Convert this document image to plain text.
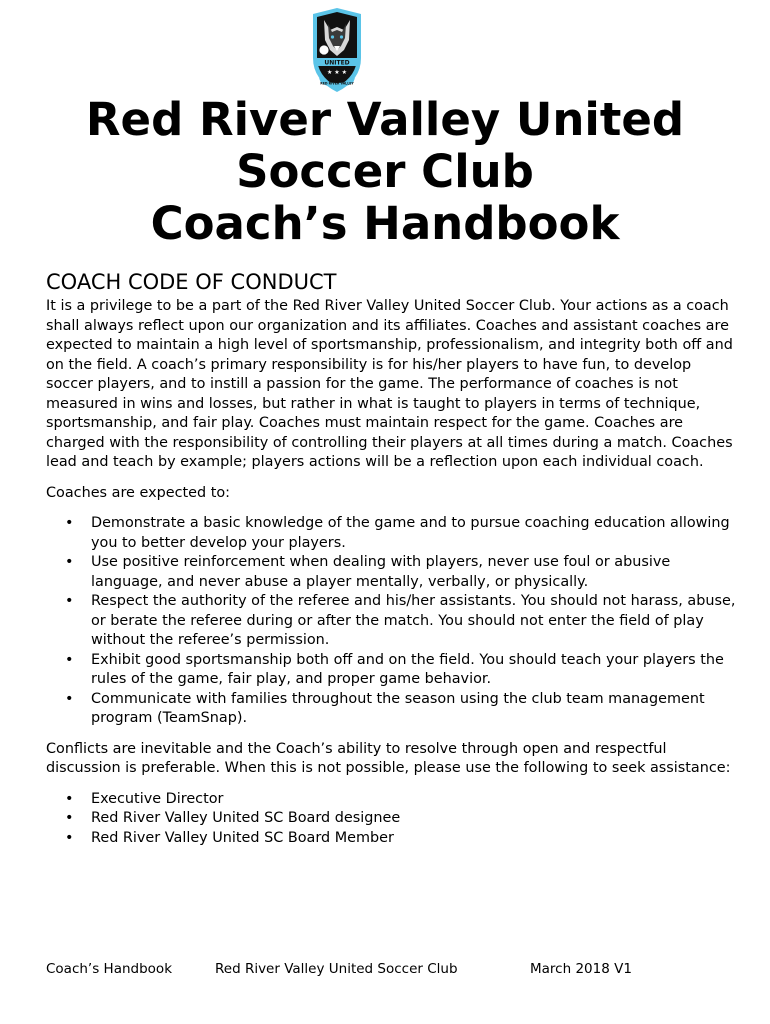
UNITED
★ ★ ★
RED RIVER VALLEY
Red River Valley United
Soccer Club
Coach’s Handbook
COACH CODE OF CONDUCT

It is a privilege to be a part of the Red River Valley United Soccer Club. Your actions as a coach shall always reflect upon our organization and its affiliates. Coaches and assistant coaches are expected to maintain a high level of sportsmanship, professionalism, and integrity both off and on the field. A coach’s primary responsibility is for his/her players to have fun, to develop soccer players, and to instill a passion for the game. The performance of coaches is not measured in wins and losses, but rather in what is taught to players in terms of technique, sportsmanship, and fair play. Coaches must maintain respect for the game. Coaches are charged with the responsibility of controlling their players at all times during a match. Coaches lead and teach by example; players actions will be a reflection upon each individual coach.

Coaches are expected to:

• Demonstrate a basic knowledge of the game and to pursue coaching education allowing you to better develop your players.
• Use positive reinforcement when dealing with players, never use foul or abusive language, and never abuse a player mentally, verbally, or physically.
• Respect the authority of the referee and his/her assistants. You should not harass, abuse, or berate the referee during or after the match. You should not enter the field of play without the referee’s permission.
• Exhibit good sportsmanship both off and on the field. You should teach your players the rules of the game, fair play, and proper game behavior.
• Communicate with families throughout the season using the club team management program (TeamSnap).

Conflicts are inevitable and the Coach’s ability to resolve through open and respectful discussion is preferable. When this is not possible, please use the following to seek assistance:

• Executive Director
• Red River Valley United SC Board designee
• Red River Valley United SC Board Member
Coach’s Handbook	Red River Valley United Soccer Club	March 2018 V1
